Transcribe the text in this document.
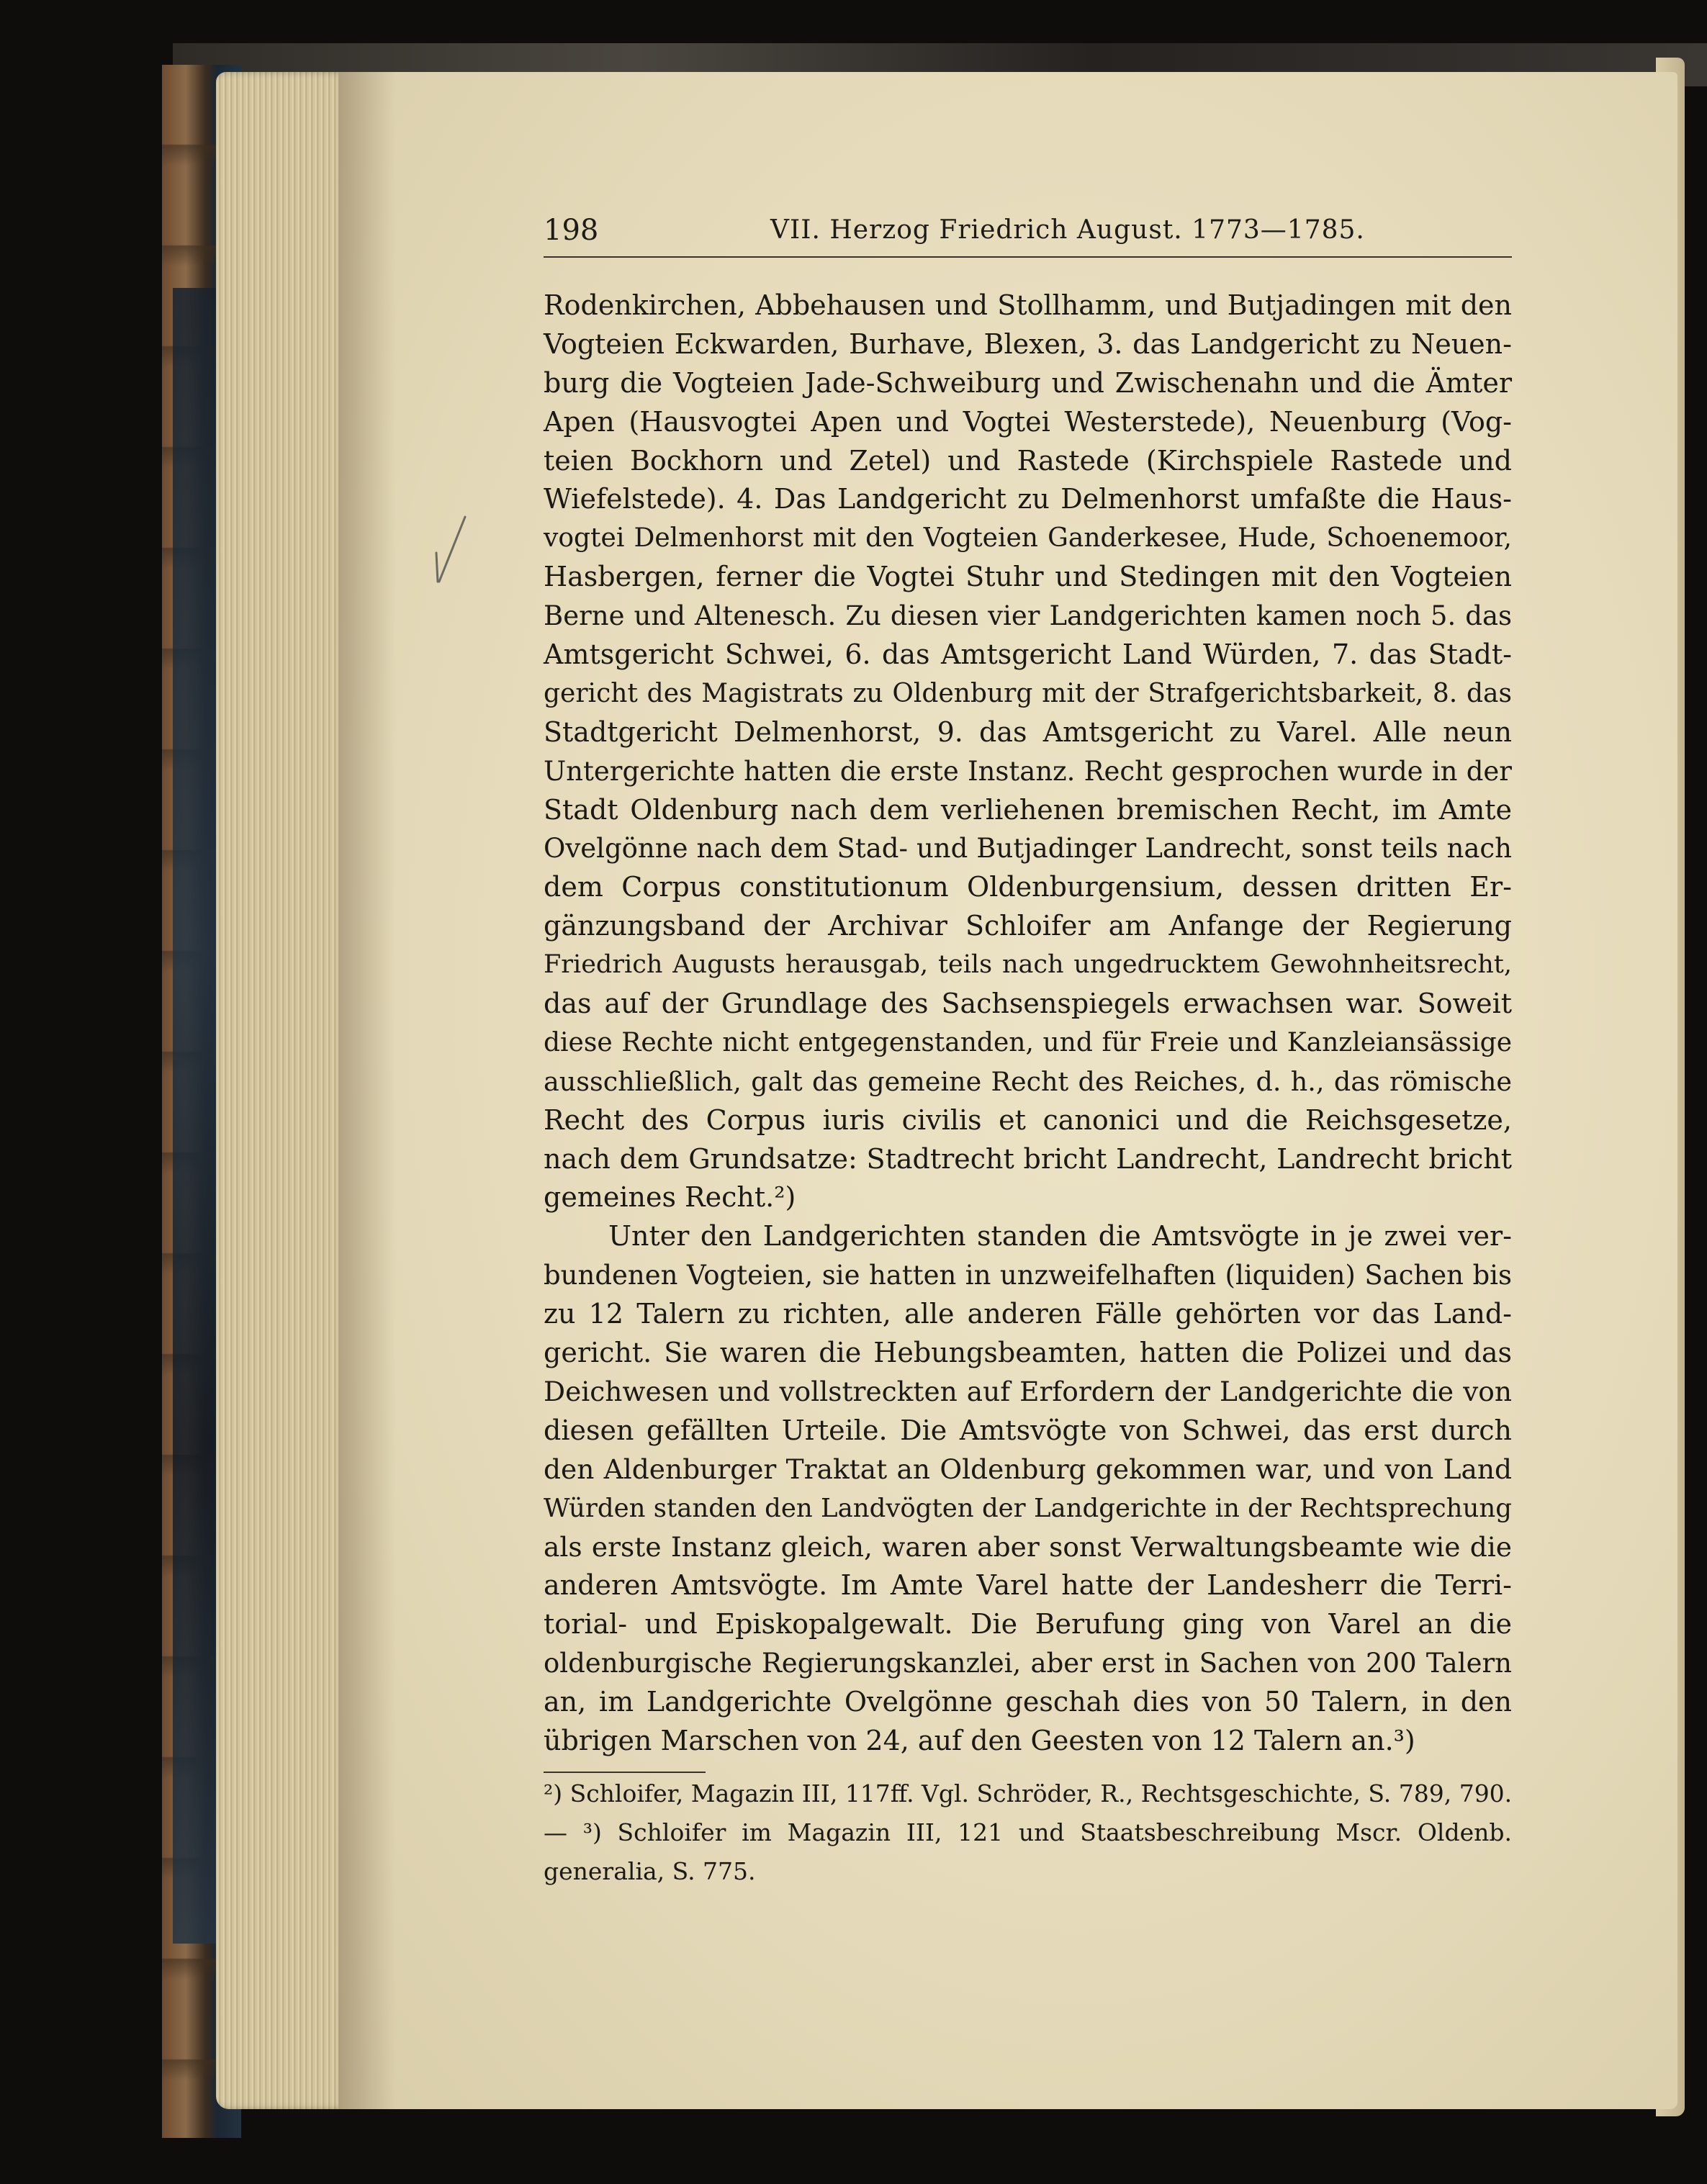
198	VII. Herzog Friedrich August. 1773—1785.
Rodenkirchen, Abbehausen und Stollhamm, und Butjadingen mit den
Vogteien Eckwarden, Burhave, Blexen, 3. das Landgericht zu Neuen-
burg die Vogteien Jade-Schweiburg und Zwischenahn und die Ämter
Apen (Hausvogtei Apen und Vogtei Westerstede), Neuenburg (Vog-
teien Bockhorn und Zetel) und Rastede (Kirchspiele Rastede und
Wiefelstede). 4. Das Landgericht zu Delmenhorst umfaßte die Haus-
vogtei Delmenhorst mit den Vogteien Ganderkesee, Hude, Schoenemoor,
Hasbergen, ferner die Vogtei Stuhr und Stedingen mit den Vogteien
Berne und Altenesch. Zu diesen vier Landgerichten kamen noch 5. das
Amtsgericht Schwei, 6. das Amtsgericht Land Würden, 7. das Stadt-
gericht des Magistrats zu Oldenburg mit der Strafgerichtsbarkeit, 8. das
Stadtgericht Delmenhorst, 9. das Amtsgericht zu Varel. Alle neun
Untergerichte hatten die erste Instanz. Recht gesprochen wurde in der
Stadt Oldenburg nach dem verliehenen bremischen Recht, im Amte
Ovelgönne nach dem Stad- und Butjadinger Landrecht, sonst teils nach
dem Corpus constitutionum Oldenburgensium, dessen dritten Er-
gänzungsband der Archivar Schloifer am Anfange der Regierung
Friedrich Augusts herausgab, teils nach ungedrucktem Gewohnheitsrecht,
das auf der Grundlage des Sachsenspiegels erwachsen war. Soweit
diese Rechte nicht entgegenstanden, und für Freie und Kanzleiansässige
ausschließlich, galt das gemeine Recht des Reiches, d. h., das römische
Recht des Corpus iuris civilis et canonici und die Reichsgesetze,
nach dem Grundsatze: Stadtrecht bricht Landrecht, Landrecht bricht
gemeines Recht.²)
Unter den Landgerichten standen die Amtsvögte in je zwei ver-
bundenen Vogteien, sie hatten in unzweifelhaften (liquiden) Sachen bis
zu 12 Talern zu richten, alle anderen Fälle gehörten vor das Land-
gericht. Sie waren die Hebungsbeamten, hatten die Polizei und das
Deichwesen und vollstreckten auf Erfordern der Landgerichte die von
diesen gefällten Urteile. Die Amtsvögte von Schwei, das erst durch
den Aldenburger Traktat an Oldenburg gekommen war, und von Land
Würden standen den Landvögten der Landgerichte in der Rechtsprechung
als erste Instanz gleich, waren aber sonst Verwaltungsbeamte wie die
anderen Amtsvögte. Im Amte Varel hatte der Landesherr die Terri-
torial- und Episkopalgewalt. Die Berufung ging von Varel an die
oldenburgische Regierungskanzlei, aber erst in Sachen von 200 Talern
an, im Landgerichte Ovelgönne geschah dies von 50 Talern, in den
übrigen Marschen von 24, auf den Geesten von 12 Talern an.³)
²) Schloifer, Magazin III, 117ff. Vgl. Schröder, R., Rechtsgeschichte, S. 789, 790.
— ³) Schloifer im Magazin III, 121 und Staatsbeschreibung Mscr. Oldenb.
generalia, S. 775.
